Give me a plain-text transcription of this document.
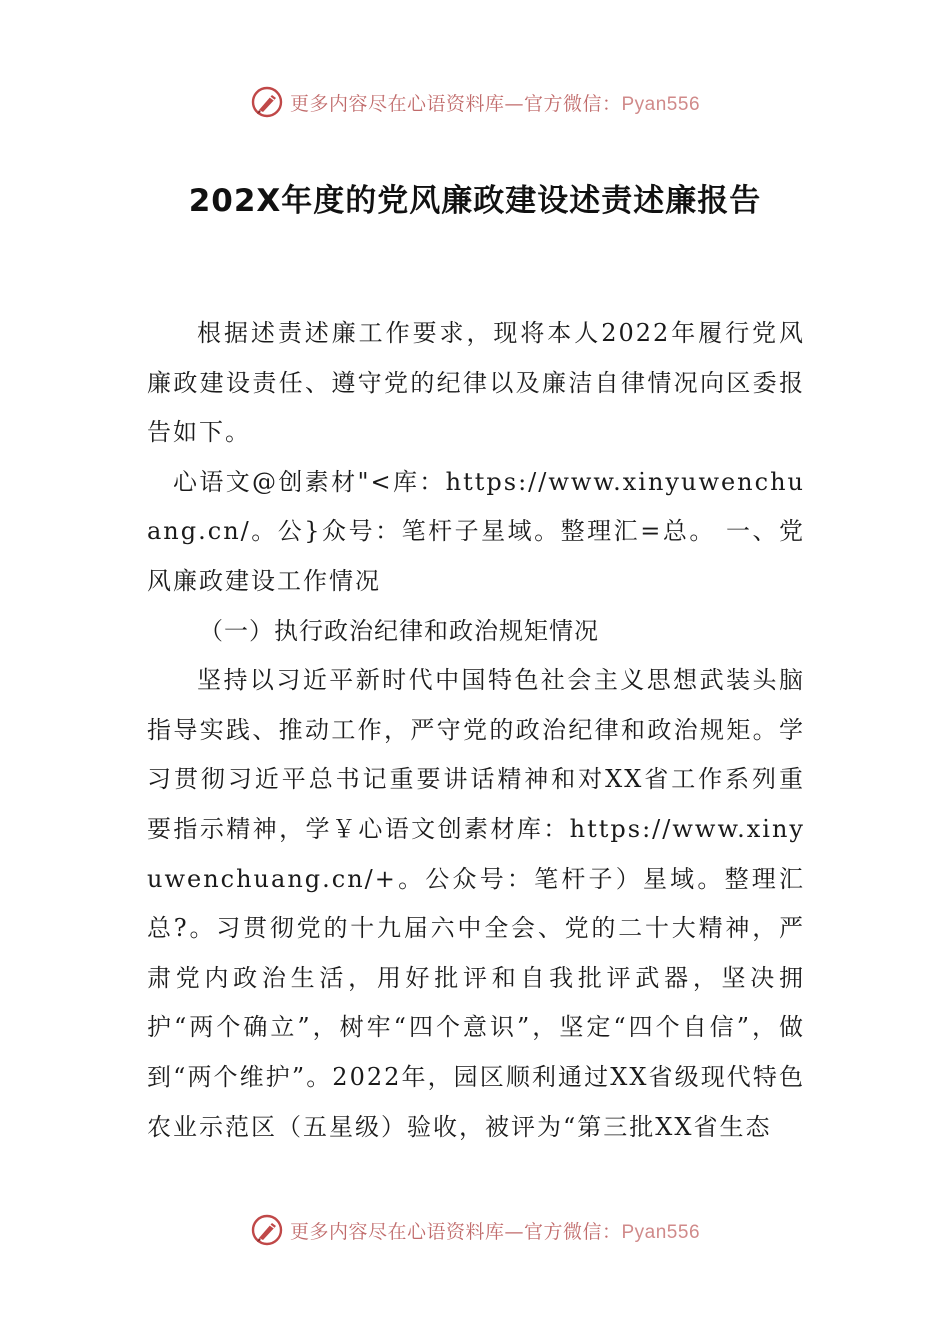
更多内容尽在心语资料库—官方微信：Pyan556
202X年度的党风廉政建设述责述廉报告

根据述责述廉工作要求，现将本人2022年履行党风廉政建设责任、遵守党的纪律以及廉洁自律情况向区委报告如下。

心语文@创素材"<库：https://www.xinyuwenchuang.cn/。公}众号：笔杆子星域。整理汇=总。 一、党风廉政建设工作情况

（一）执行政治纪律和政治规矩情况

坚持以习近平新时代中国特色社会主义思想武装头脑指导实践、推动工作，严守党的政治纪律和政治规矩。学习贯彻习近平总书记重要讲话精神和对XX省工作系列重要指示精神，学￥心语文创素材库：https://www.xinyuwenchuang.cn/+。公众号：笔杆子）星域。整理汇总?。习贯彻党的十九届六中全会、党的二十大精神，严肃党内政治生活，用好批评和自我批评武器，坚决拥护“两个确立”，树牢“四个意识”，坚定“四个自信”，做到“两个维护”。2022年，园区顺利通过XX省级现代特色农业示范区（五星级）验收，被评为“第三批XX省生态

更多内容尽在心语资料库—官方微信：Pyan556
